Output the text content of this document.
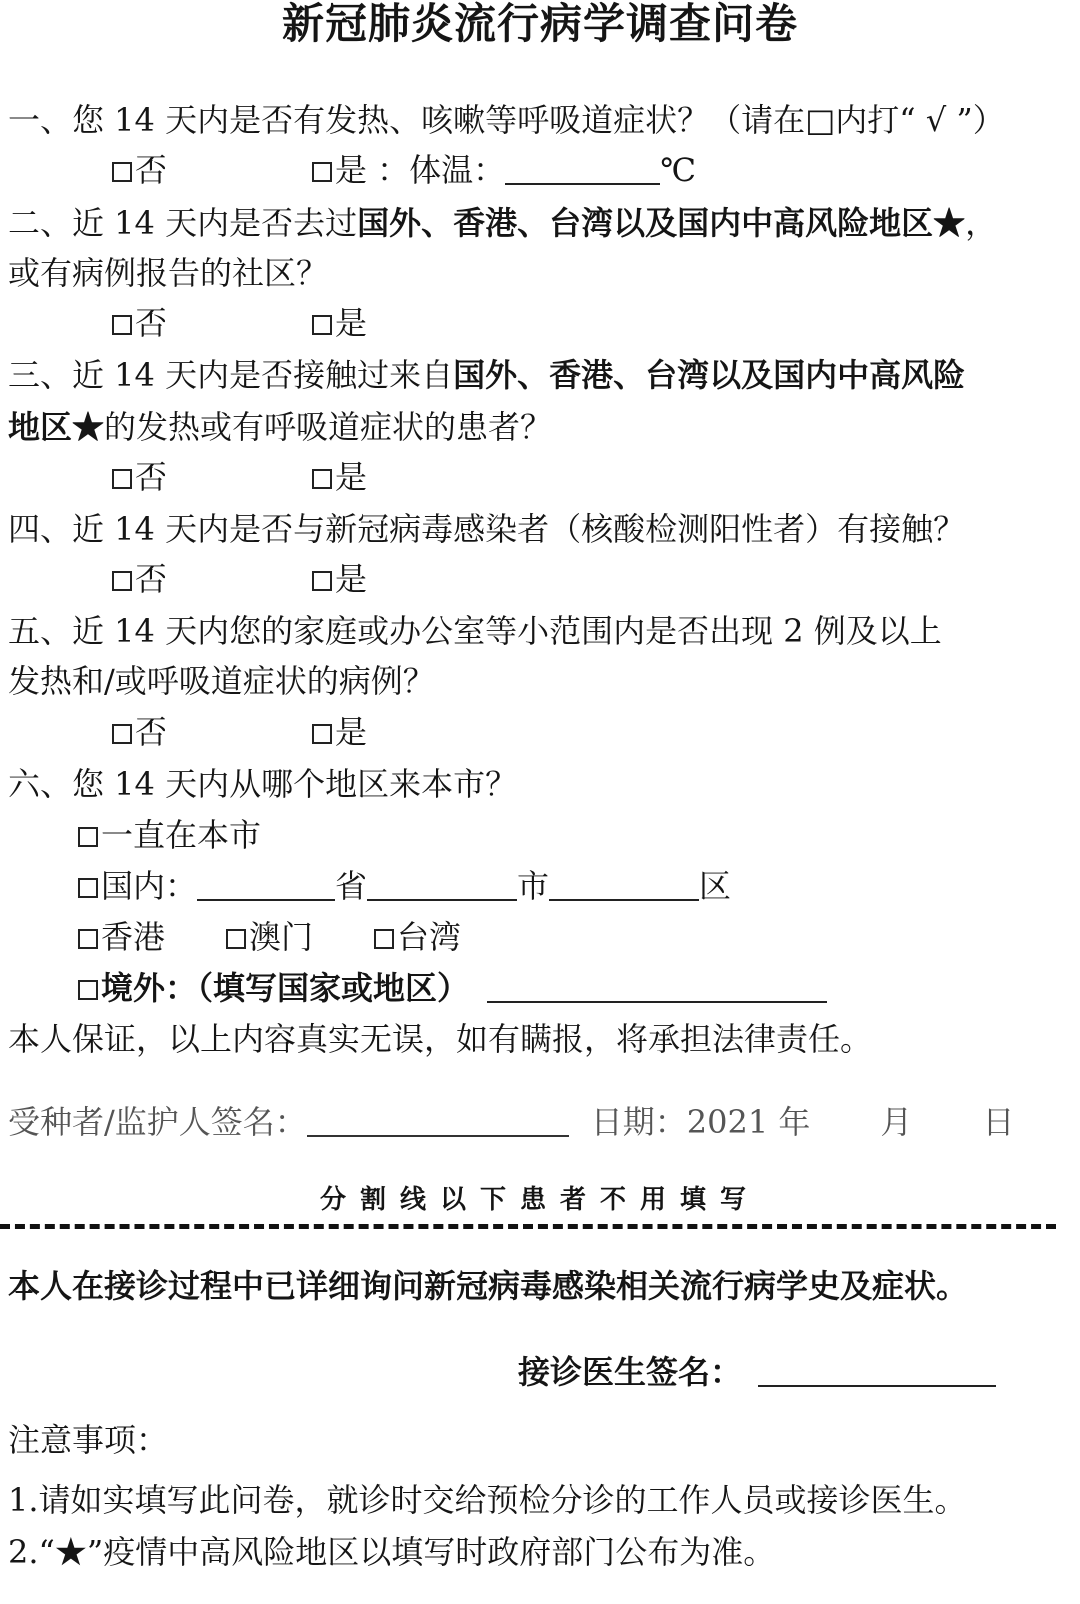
新冠肺炎流行病学调查问卷
一、您 14 天内是否有发热、咳嗽等呼吸道症状？（请在□内打“ √ ”）
否	是 ：体温：	℃
二、近 14 天内是否去过国外、香港、台湾以及国内中高风险地区★，
或有病例报告的社区？
否	是
三、近 14 天内是否接触过来自国外、香港、台湾以及国内中高风险
地区★的发热或有呼吸道症状的患者？
否	是
四、近 14 天内是否与新冠病毒感染者（核酸检测阳性者）有接触？
否	是
五、近 14 天内您的家庭或办公室等小范围内是否出现 2 例及以上
发热和/或呼吸道症状的病例？
否	是
六、您 14 天内从哪个地区来本市？
一直在本市
国内：	省	市	区
香港	澳门	台湾
境外：（填写国家或地区）
本人保证，以上内容真实无误，如有瞒报，将承担法律责任。
受种者/监护人签名：	日期：2021 年 月 日
分割线以下患者不用填写
本人在接诊过程中已详细询问新冠病毒感染相关流行病学史及症状。
接诊医生签名：
注意事项：
1.请如实填写此问卷，就诊时交给预检分诊的工作人员或接诊医生。
2.“★”疫情中高风险地区以填写时政府部门公布为准。
